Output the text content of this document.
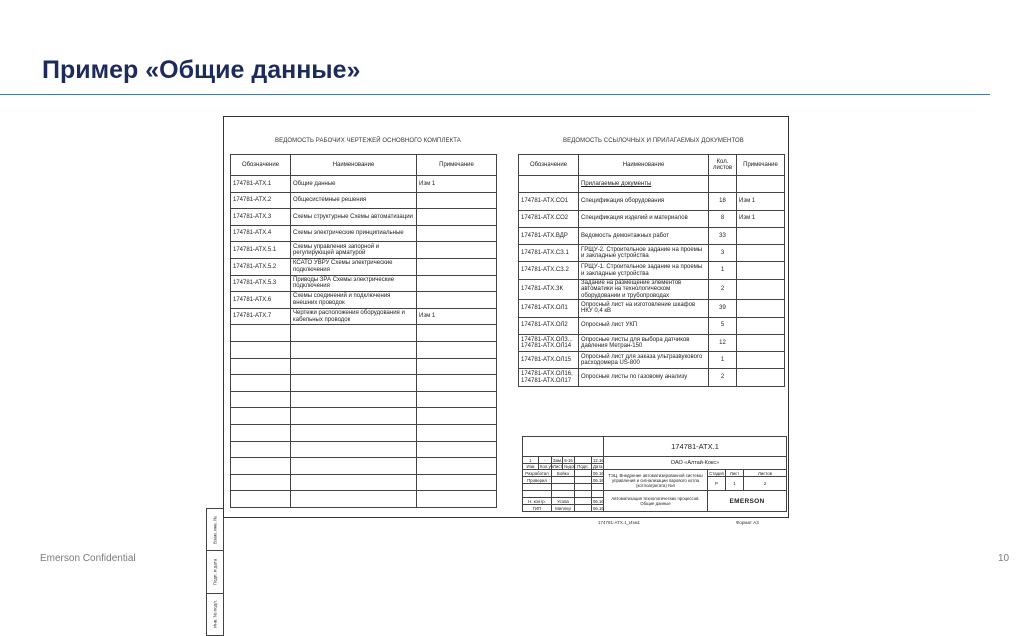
Пример «Общие данные»
Взам. инв. №
Подп. и дата
Инв. № подл.
ВЕДОМОСТЬ РАБОЧИХ ЧЕРТЕЖЕЙ ОСНОВНОГО КОМПЛЕКТА	ВЕДОМОСТЬ ССЫЛОЧНЫХ И ПРИЛАГАЕМЫХ ДОКУМЕНТОВ
Обозначение	Наименование	Примечание
174781-АТХ.1	Общие данные	Изм 1
174781-АТХ.2	Общесистемные решения	
174781-АТХ.3	Схемы структурные Схемы автоматизации	
174781-АТХ.4	Схемы электрические принципиальные	
174781-АТХ.5.1	Схемы управления запорной и регулирующей арматурой	
174781-АТХ.5.2	КСАТО УВРУ Схемы электрические подключения	
174781-АТХ.5.3	Приводы ЗРА Схемы электрические подключения	
174781-АТХ.6	Схемы соединений и подключения внешних проводок	
174781-АТХ.7	Чертежи расположения оборудования и кабельных проводок	Изм 1

Обозначение	Наименование	Кол. листов	Примечание
	Прилагаемые документы		
174781-АТХ.СО1	Спецификация оборудования	18	Изм 1
174781-АТХ.СО2	Спецификация изделий и материалов	8	Изм 1
174781-АТХ.ВДР	Ведомость демонтажных работ	33	
174781-АТХ.СЗ.1	ГРЩУ-2. Строительное задание на проемы и закладные устройства	3	
174781-АТХ.СЗ.2	ГРЩУ-1. Строительное задание на проемы и закладные устройства	1	
174781-АТХ.ЗК	Задание на размещение элементов автоматики на технологическом оборудовании и трубопроводах	2	
174781-АТХ.ОЛ1	Опросный лист на изготовление шкафов НКУ 0,4 кВ	39	
174781-АТХ.ОЛ2	Опросный лист УКП	5	
174781-АТХ.ОЛ3... 174781-АТХ.ОЛ14	Опросные листы для выбора датчиков давления Метран-150	12	
174781-АТХ.ОЛ15	Опросный лист для заказа ультразвукового расходомера US-800	1	
174781-АТХ.ОЛ16, 174781-АТХ.ОЛ17	Опросные листы по газовому анализу	2	
						174781-АТХ.1			
1	-	Зам.	6-16		12.16	ОАО «Алтай-Кокс»			
Изм	Кол.уч	Лист	№док	Подп.	Дата				
Разработал		Бойко			06.16	ТЭЦ. Внедрение автоматизированной системы управления и сигнализации парового котла (котлоагрегата) №4	Стадия	Лист	Листов
Проверил					06.16		Р	1	2

						Автоматизация технологических процессов. Общие данные	EMERSON		
Н. контр.		Усова			06.16				
ГИП		Миллер			06.16				
174781-АТХ.1_Изм1	Формат А3
Emerson Confidential	10
